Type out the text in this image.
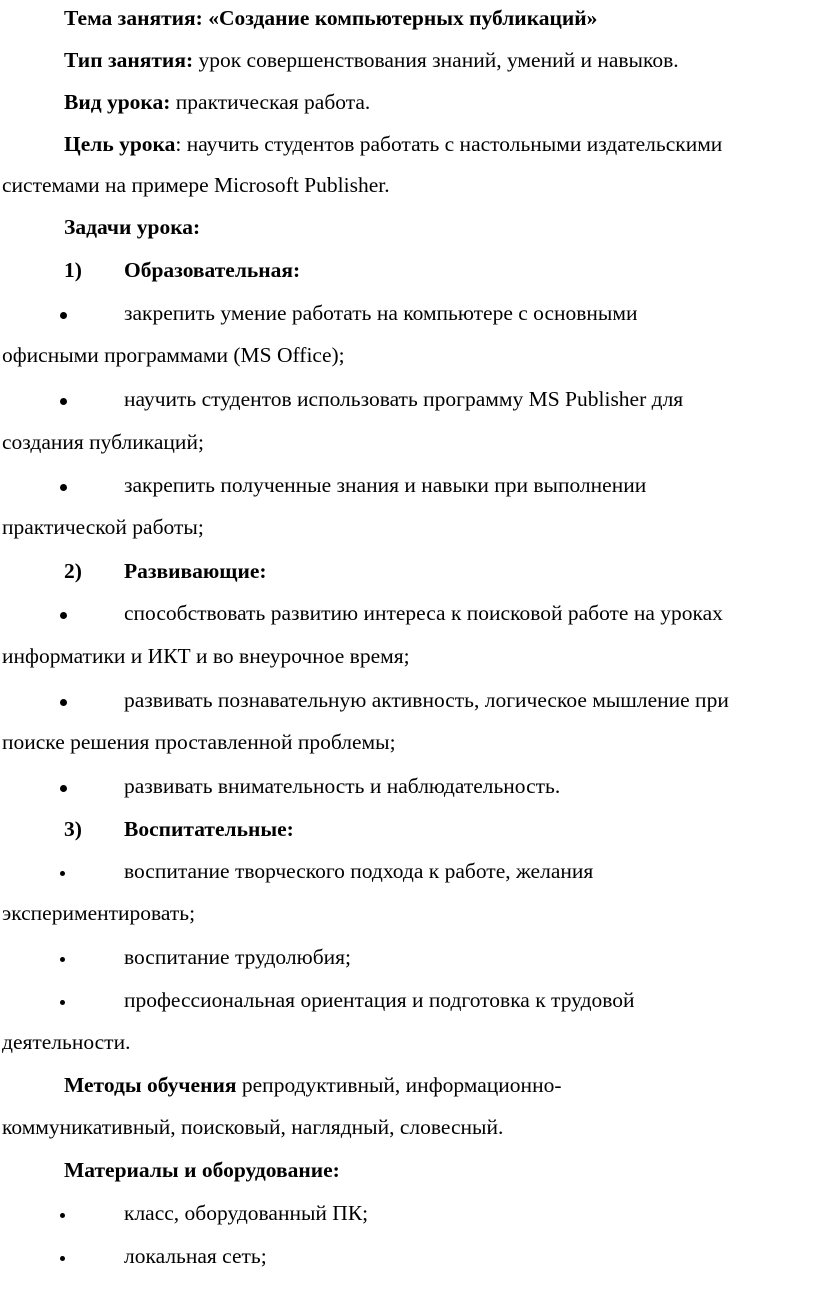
Тема занятия: «Создание компьютерных публикаций»
Тип занятия: урок совершенствования знаний, умений и навыков.
Вид урока: практическая работа.
Цель урока: научить студентов работать с настольными издательскими
системами на примере Microsoft Publisher.
Задачи урока:
1) Образовательная:
закрепить умение работать на компьютере с основными
офисными программами (MS Office);
научить студентов использовать программу MS Publisher для
создания публикаций;
закрепить полученные знания и навыки при выполнении
практической работы;
2) Развивающие:
способствовать развитию интереса к поисковой работе на уроках
информатики и ИКТ и во внеурочное время;
развивать познавательную активность, логическое мышление при
поиске решения проставленной проблемы;
развивать внимательность и наблюдательность.
3) Воспитательные:
воспитание творческого подхода к работе, желания
экспериментировать;
воспитание трудолюбия;
профессиональная ориентация и подготовка к трудовой
деятельности.
Методы обучения репродуктивный, информационно-
коммуникативный, поисковый, наглядный, словесный.
Материалы и оборудование:
класс, оборудованный ПК;
локальная сеть;
